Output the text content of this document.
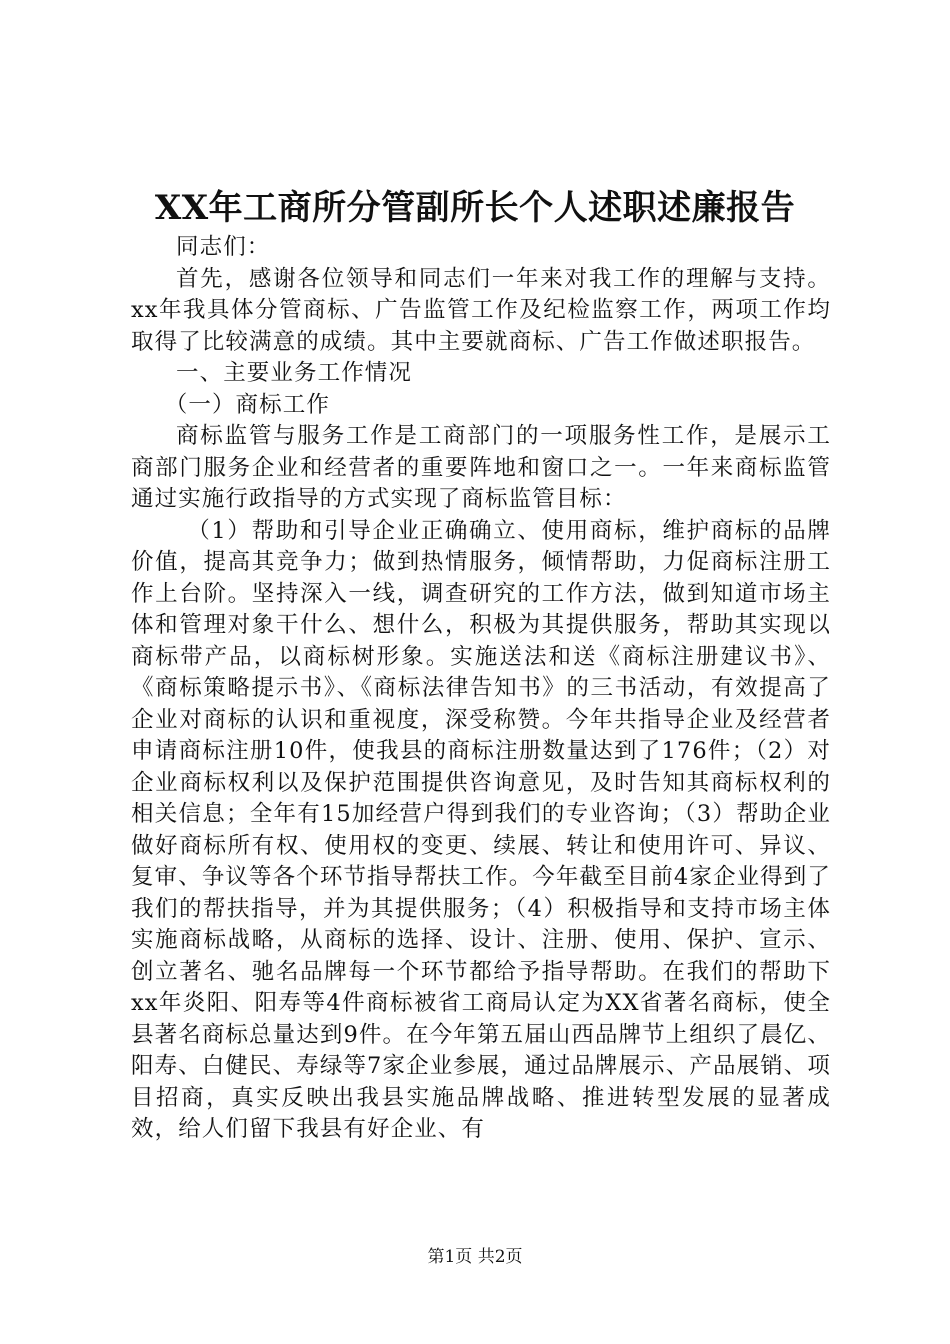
XX年工商所分管副所长个人述职述廉报告

同志们：

首先，感谢各位领导和同志们一年来对我工作的理解与支持。xx年我具体分管商标、广告监管工作及纪检监察工作，两项工作均取得了比较满意的成绩。其中主要就商标、广告工作做述职报告。

一、主要业务工作情况

（一）商标工作

商标监管与服务工作是工商部门的一项服务性工作，是展示工商部门服务企业和经营者的重要阵地和窗口之一。一年来商标监管通过实施行政指导的方式实现了商标监管目标：

（1）帮助和引导企业正确确立、使用商标，维护商标的品牌价值，提高其竞争力；做到热情服务，倾情帮助，力促商标注册工作上台阶。坚持深入一线，调查研究的工作方法，做到知道市场主体和管理对象干什么、想什么，积极为其提供服务，帮助其实现以商标带产品，以商标树形象。实施送法和送《商标注册建议书》、《商标策略提示书》、《商标法律告知书》的三书活动，有效提高了企业对商标的认识和重视度，深受称赞。今年共指导企业及经营者申请商标注册10件，使我县的商标注册数量达到了176件；（2）对企业商标权利以及保护范围提供咨询意见，及时告知其商标权利的相关信息；全年有15加经营户得到我们的专业咨询；（3）帮助企业做好商标所有权、使用权的变更、续展、转让和使用许可、异议、复审、争议等各个环节指导帮扶工作。今年截至目前4家企业得到了我们的帮扶指导，并为其提供服务；（4）积极指导和支持市场主体实施商标战略，从商标的选择、设计、注册、使用、保护、宣示、创立著名、驰名品牌每一个环节都给予指导帮助。在我们的帮助下xx年炎阳、阳寿等4件商标被省工商局认定为XX省著名商标，使全县著名商标总量达到9件。在今年第五届山西品牌节上组织了晨亿、阳寿、白健民、寿绿等7家企业参展，通过品牌展示、产品展销、项目招商，真实反映出我县实施品牌战略、推进转型发展的显著成效，给人们留下我县有好企业、有

第1页 共2页
